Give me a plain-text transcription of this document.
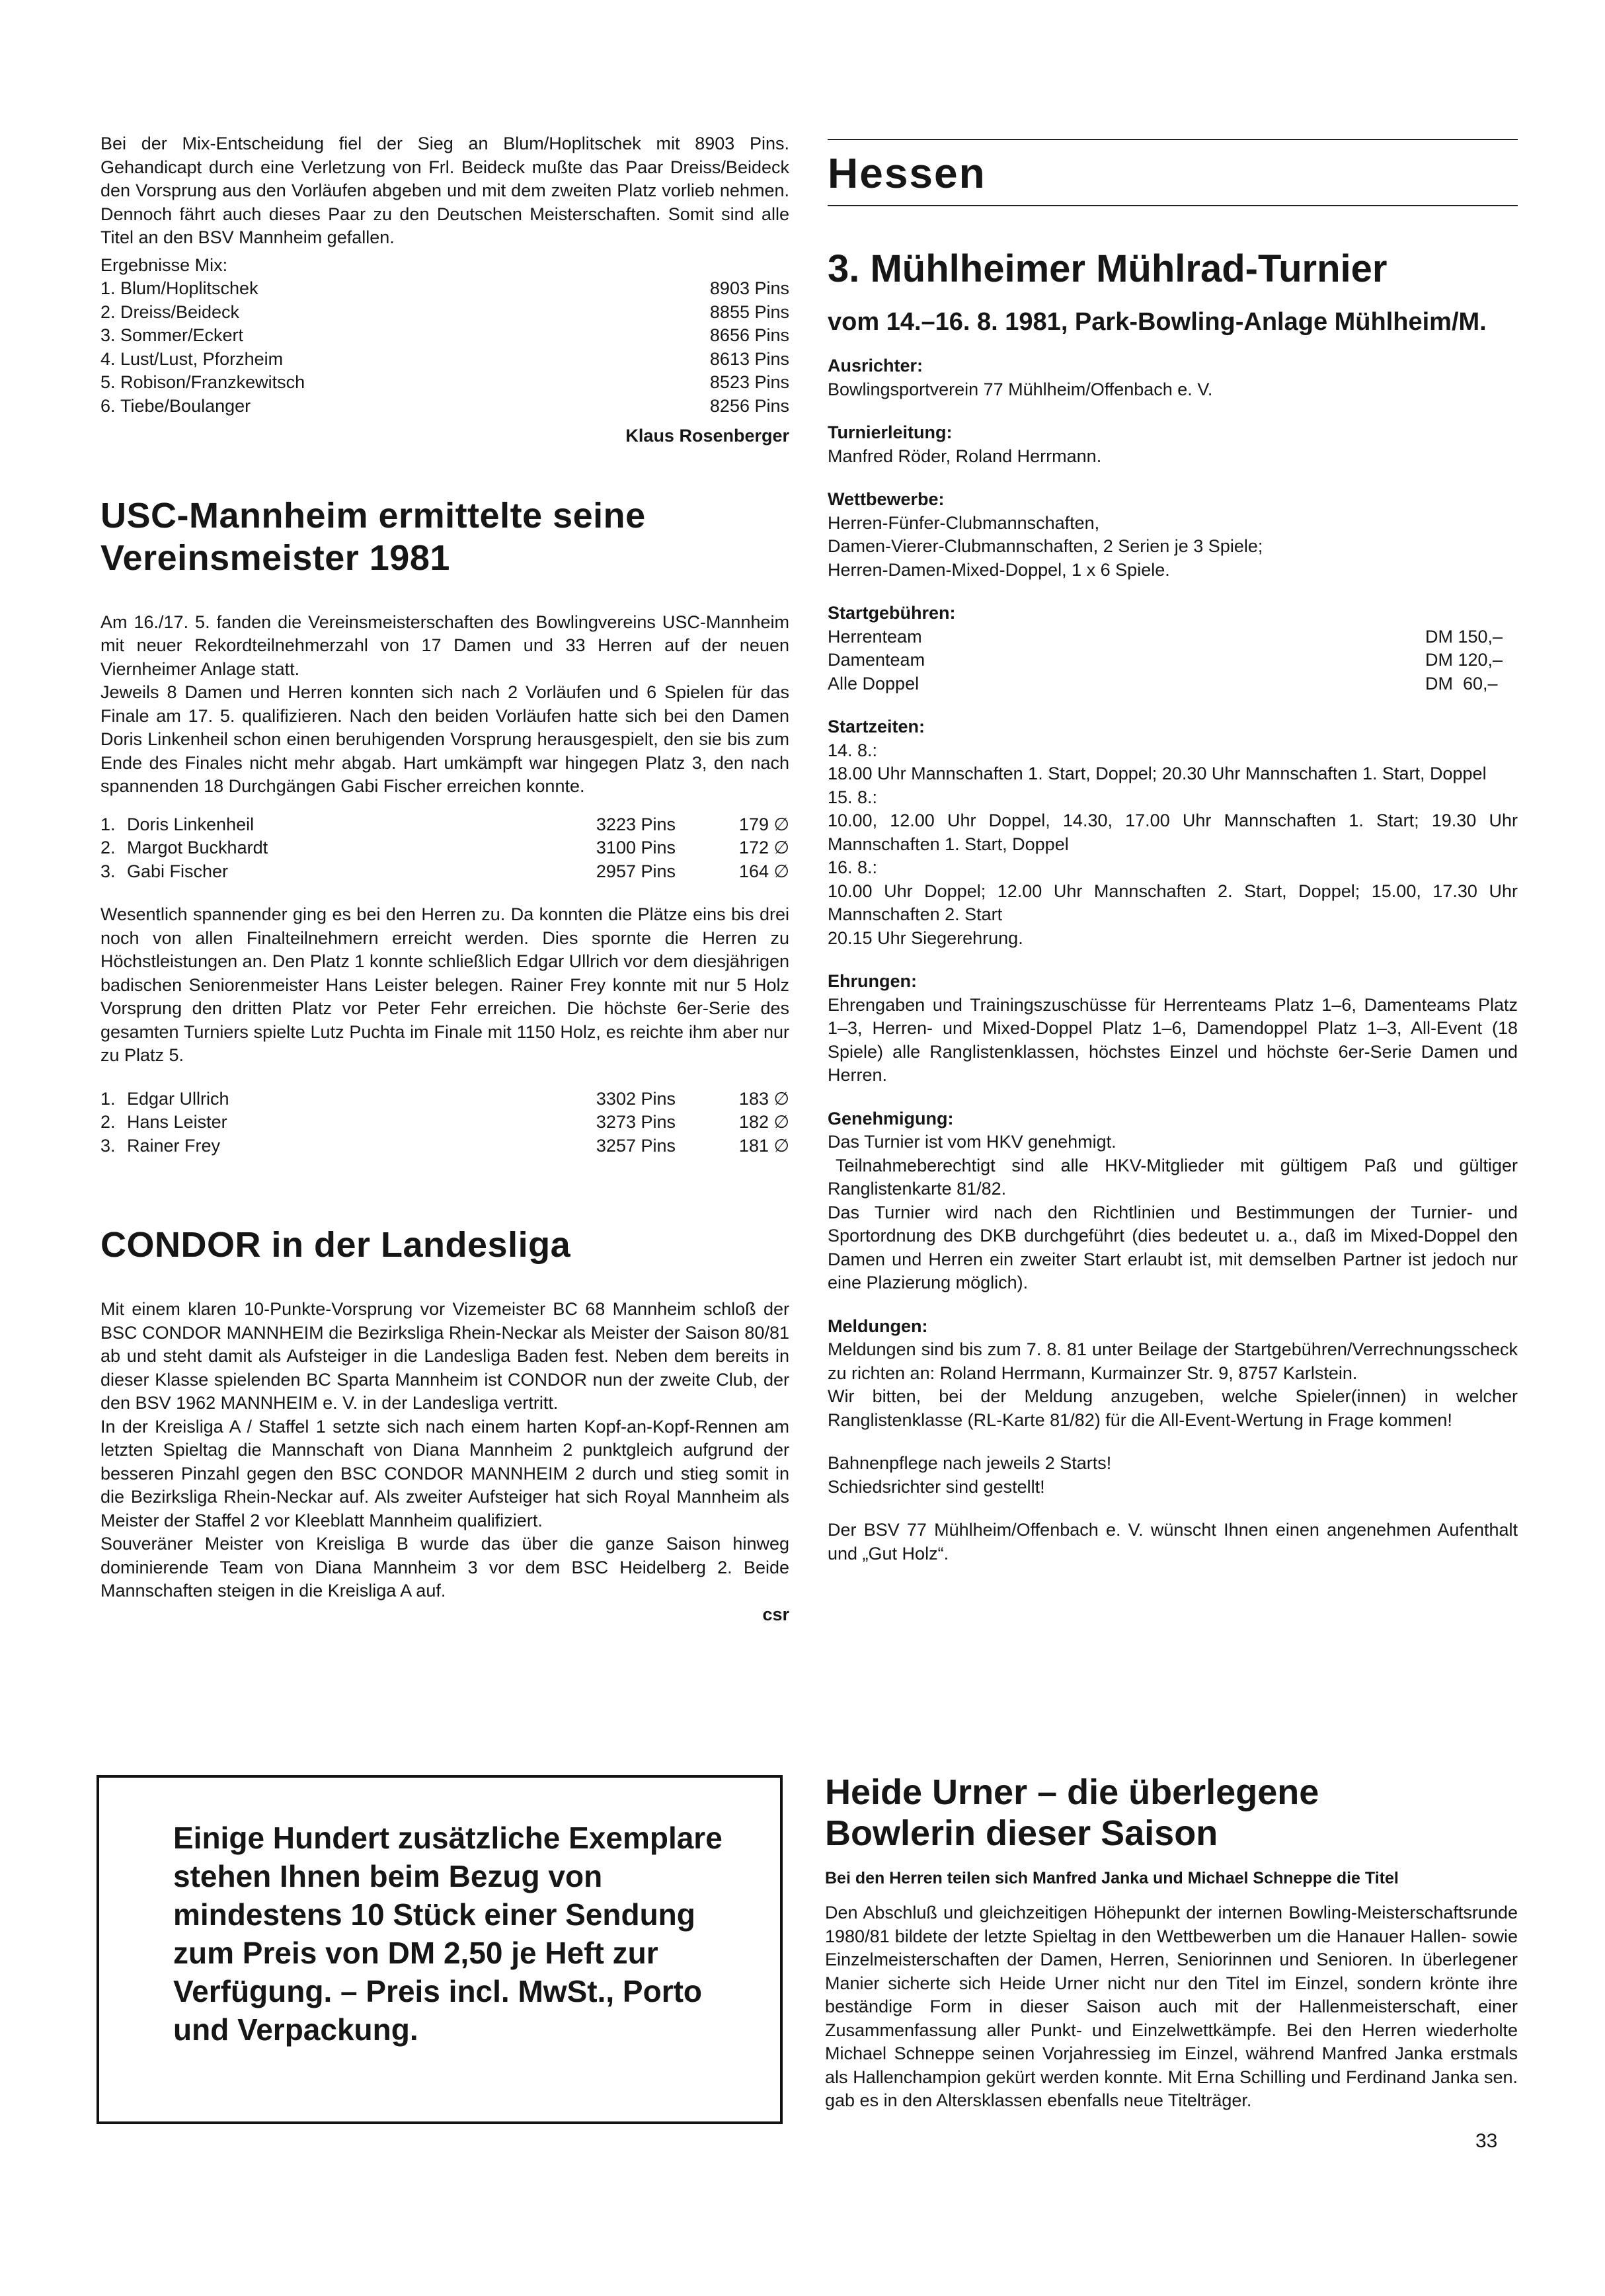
Bei der Mix-Entscheidung fiel der Sieg an Blum/Hoplitschek mit 8903 Pins. Gehandicapt durch eine Verletzung von Frl. Beideck mußte das Paar Dreiss/Beideck den Vorsprung aus den Vorläufen abgeben und mit dem zweiten Platz vorlieb nehmen. Dennoch fährt auch dieses Paar zu den Deutschen Meisterschaften. Somit sind alle Titel an den BSV Mannheim gefallen.

Ergebnisse Mix:

1. Blum/Hoplitschek	8903 Pins
2. Dreiss/Beideck	8855 Pins
3. Sommer/Eckert	8656 Pins
4. Lust/Lust, Pforzheim	8613 Pins
5. Robison/Franzkewitsch	8523 Pins
6. Tiebe/Boulanger	8256 Pins

Klaus Rosenberger

USC-Mannheim ermittelte seine

Vereinsmeister 1981

Am 16./17. 5. fanden die Vereinsmeisterschaften des Bowlingvereins USC-Mannheim mit neuer Rekordteilnehmerzahl von 17 Damen und 33 Herren auf der neuen Viernheimer Anlage statt.

Jeweils 8 Damen und Herren konnten sich nach 2 Vorläufen und 6 Spielen für das Finale am 17. 5. qualifizieren. Nach den beiden Vorläufen hatte sich bei den Damen Doris Linkenheil schon einen beruhigenden Vorsprung herausgespielt, den sie bis zum Ende des Finales nicht mehr abgab. Hart umkämpft war hingegen Platz 3, den nach spannenden 18 Durchgängen Gabi Fischer erreichen konnte.

1. Doris Linkenheil	3223 Pins	179 ∅
2. Margot Buckhardt	3100 Pins	172 ∅
3. Gabi Fischer	2957 Pins	164 ∅

Wesentlich spannender ging es bei den Herren zu. Da konnten die Plätze eins bis drei noch von allen Finalteilnehmern erreicht werden. Dies spornte die Herren zu Höchstleistungen an. Den Platz 1 konnte schließlich Edgar Ullrich vor dem diesjährigen badischen Seniorenmeister Hans Leister belegen. Rainer Frey konnte mit nur 5 Holz Vorsprung den dritten Platz vor Peter Fehr erreichen. Die höchste 6er-Serie des gesamten Turniers spielte Lutz Puchta im Finale mit 1150 Holz, es reichte ihm aber nur zu Platz 5.

1. Edgar Ullrich	3302 Pins	183 ∅
2. Hans Leister	3273 Pins	182 ∅
3. Rainer Frey	3257 Pins	181 ∅

CONDOR in der Landesliga

Mit einem klaren 10-Punkte-Vorsprung vor Vizemeister BC 68 Mannheim schloß der BSC CONDOR MANNHEIM die Bezirksliga Rhein-Neckar als Meister der Saison 80/81 ab und steht damit als Aufsteiger in die Landesliga Baden fest. Neben dem bereits in dieser Klasse spielenden BC Sparta Mannheim ist CONDOR nun der zweite Club, der den BSV 1962 MANNHEIM e. V. in der Landesliga vertritt.

In der Kreisliga A / Staffel 1 setzte sich nach einem harten Kopf-an-Kopf-Rennen am letzten Spieltag die Mannschaft von Diana Mannheim 2 punktgleich aufgrund der besseren Pinzahl gegen den BSC CONDOR MANNHEIM 2 durch und stieg somit in die Bezirksliga Rhein-Neckar auf. Als zweiter Aufsteiger hat sich Royal Mannheim als Meister der Staffel 2 vor Kleeblatt Mannheim qualifiziert.

Souveräner Meister von Kreisliga B wurde das über die ganze Saison hinweg dominierende Team von Diana Mannheim 3 vor dem BSC Heidelberg 2. Beide Mannschaften steigen in die Kreisliga A auf.

csr

Einige Hundert zusätzliche Exemplare stehen Ihnen beim Bezug von mindestens 10 Stück einer Sendung zum Preis von DM 2,50 je Heft zur Verfügung. – Preis incl. MwSt., Porto und Verpackung.

Hessen

3. Mühlheimer Mühlrad-Turnier

vom 14.–16. 8. 1981, Park-Bowling-Anlage Mühlheim/M.

Ausrichter:

Bowlingsportverein 77 Mühlheim/Offenbach e. V.

Turnierleitung:

Manfred Röder, Roland Herrmann.

Wettbewerbe:

Herren-Fünfer-Clubmannschaften,

Damen-Vierer-Clubmannschaften, 2 Serien je 3 Spiele;

Herren-Damen-Mixed-Doppel, 1 x 6 Spiele.

Startgebühren:

Herrenteam	DM 150,–
Damenteam	DM 120,–
Alle Doppel	DM  60,–

Startzeiten:

14. 8.:

18.00 Uhr Mannschaften 1. Start, Doppel; 20.30 Uhr Mannschaften 1. Start, Doppel

15. 8.:

10.00, 12.00 Uhr Doppel, 14.30, 17.00 Uhr Mannschaften 1. Start; 19.30 Uhr Mannschaften 1. Start, Doppel

16. 8.:

10.00 Uhr Doppel; 12.00 Uhr Mannschaften 2. Start, Doppel; 15.00, 17.30 Uhr Mannschaften 2. Start

20.15 Uhr Siegerehrung.

Ehrungen:

Ehrengaben und Trainingszuschüsse für Herrenteams Platz 1–6, Damenteams Platz 1–3, Herren- und Mixed-Doppel Platz 1–6, Damendoppel Platz 1–3, All-Event (18 Spiele) alle Ranglistenklassen, höchstes Einzel und höchste 6er-Serie Damen und Herren.

Genehmigung:

Das Turnier ist vom HKV genehmigt.

Teilnahmeberechtigt sind alle HKV-Mitglieder mit gültigem Paß und gültiger Ranglistenkarte 81/82.

Das Turnier wird nach den Richtlinien und Bestimmungen der Turnier- und Sportordnung des DKB durchgeführt (dies bedeutet u. a., daß im Mixed-Doppel den Damen und Herren ein zweiter Start erlaubt ist, mit demselben Partner ist jedoch nur eine Plazierung möglich).

Meldungen:

Meldungen sind bis zum 7. 8. 81 unter Beilage der Startgebühren/Verrechnungsscheck zu richten an: Roland Herrmann, Kurmainzer Str. 9, 8757 Karlstein.

Wir bitten, bei der Meldung anzugeben, welche Spieler(innen) in welcher Ranglistenklasse (RL-Karte 81/82) für die All-Event-Wertung in Frage kommen!

Bahnenpflege nach jeweils 2 Starts!

Schiedsrichter sind gestellt!

Der BSV 77 Mühlheim/Offenbach e. V. wünscht Ihnen einen angenehmen Aufenthalt und „Gut Holz“.

Heide Urner – die überlegene

Bowlerin dieser Saison

Bei den Herren teilen sich Manfred Janka und Michael Schneppe die Titel

Den Abschluß und gleichzeitigen Höhepunkt der internen Bowling-Meisterschaftsrunde 1980/81 bildete der letzte Spieltag in den Wettbewerben um die Hanauer Hallen- sowie Einzelmeisterschaften der Damen, Herren, Seniorinnen und Senioren. In überlegener Manier sicherte sich Heide Urner nicht nur den Titel im Einzel, sondern krönte ihre beständige Form in dieser Saison auch mit der Hallenmeisterschaft, einer Zusammenfassung aller Punkt- und Einzelwettkämpfe. Bei den Herren wiederholte Michael Schneppe seinen Vorjahressieg im Einzel, während Manfred Janka erstmals als Hallenchampion gekürt werden konnte. Mit Erna Schilling und Ferdinand Janka sen. gab es in den Altersklassen ebenfalls neue Titelträger.

33
